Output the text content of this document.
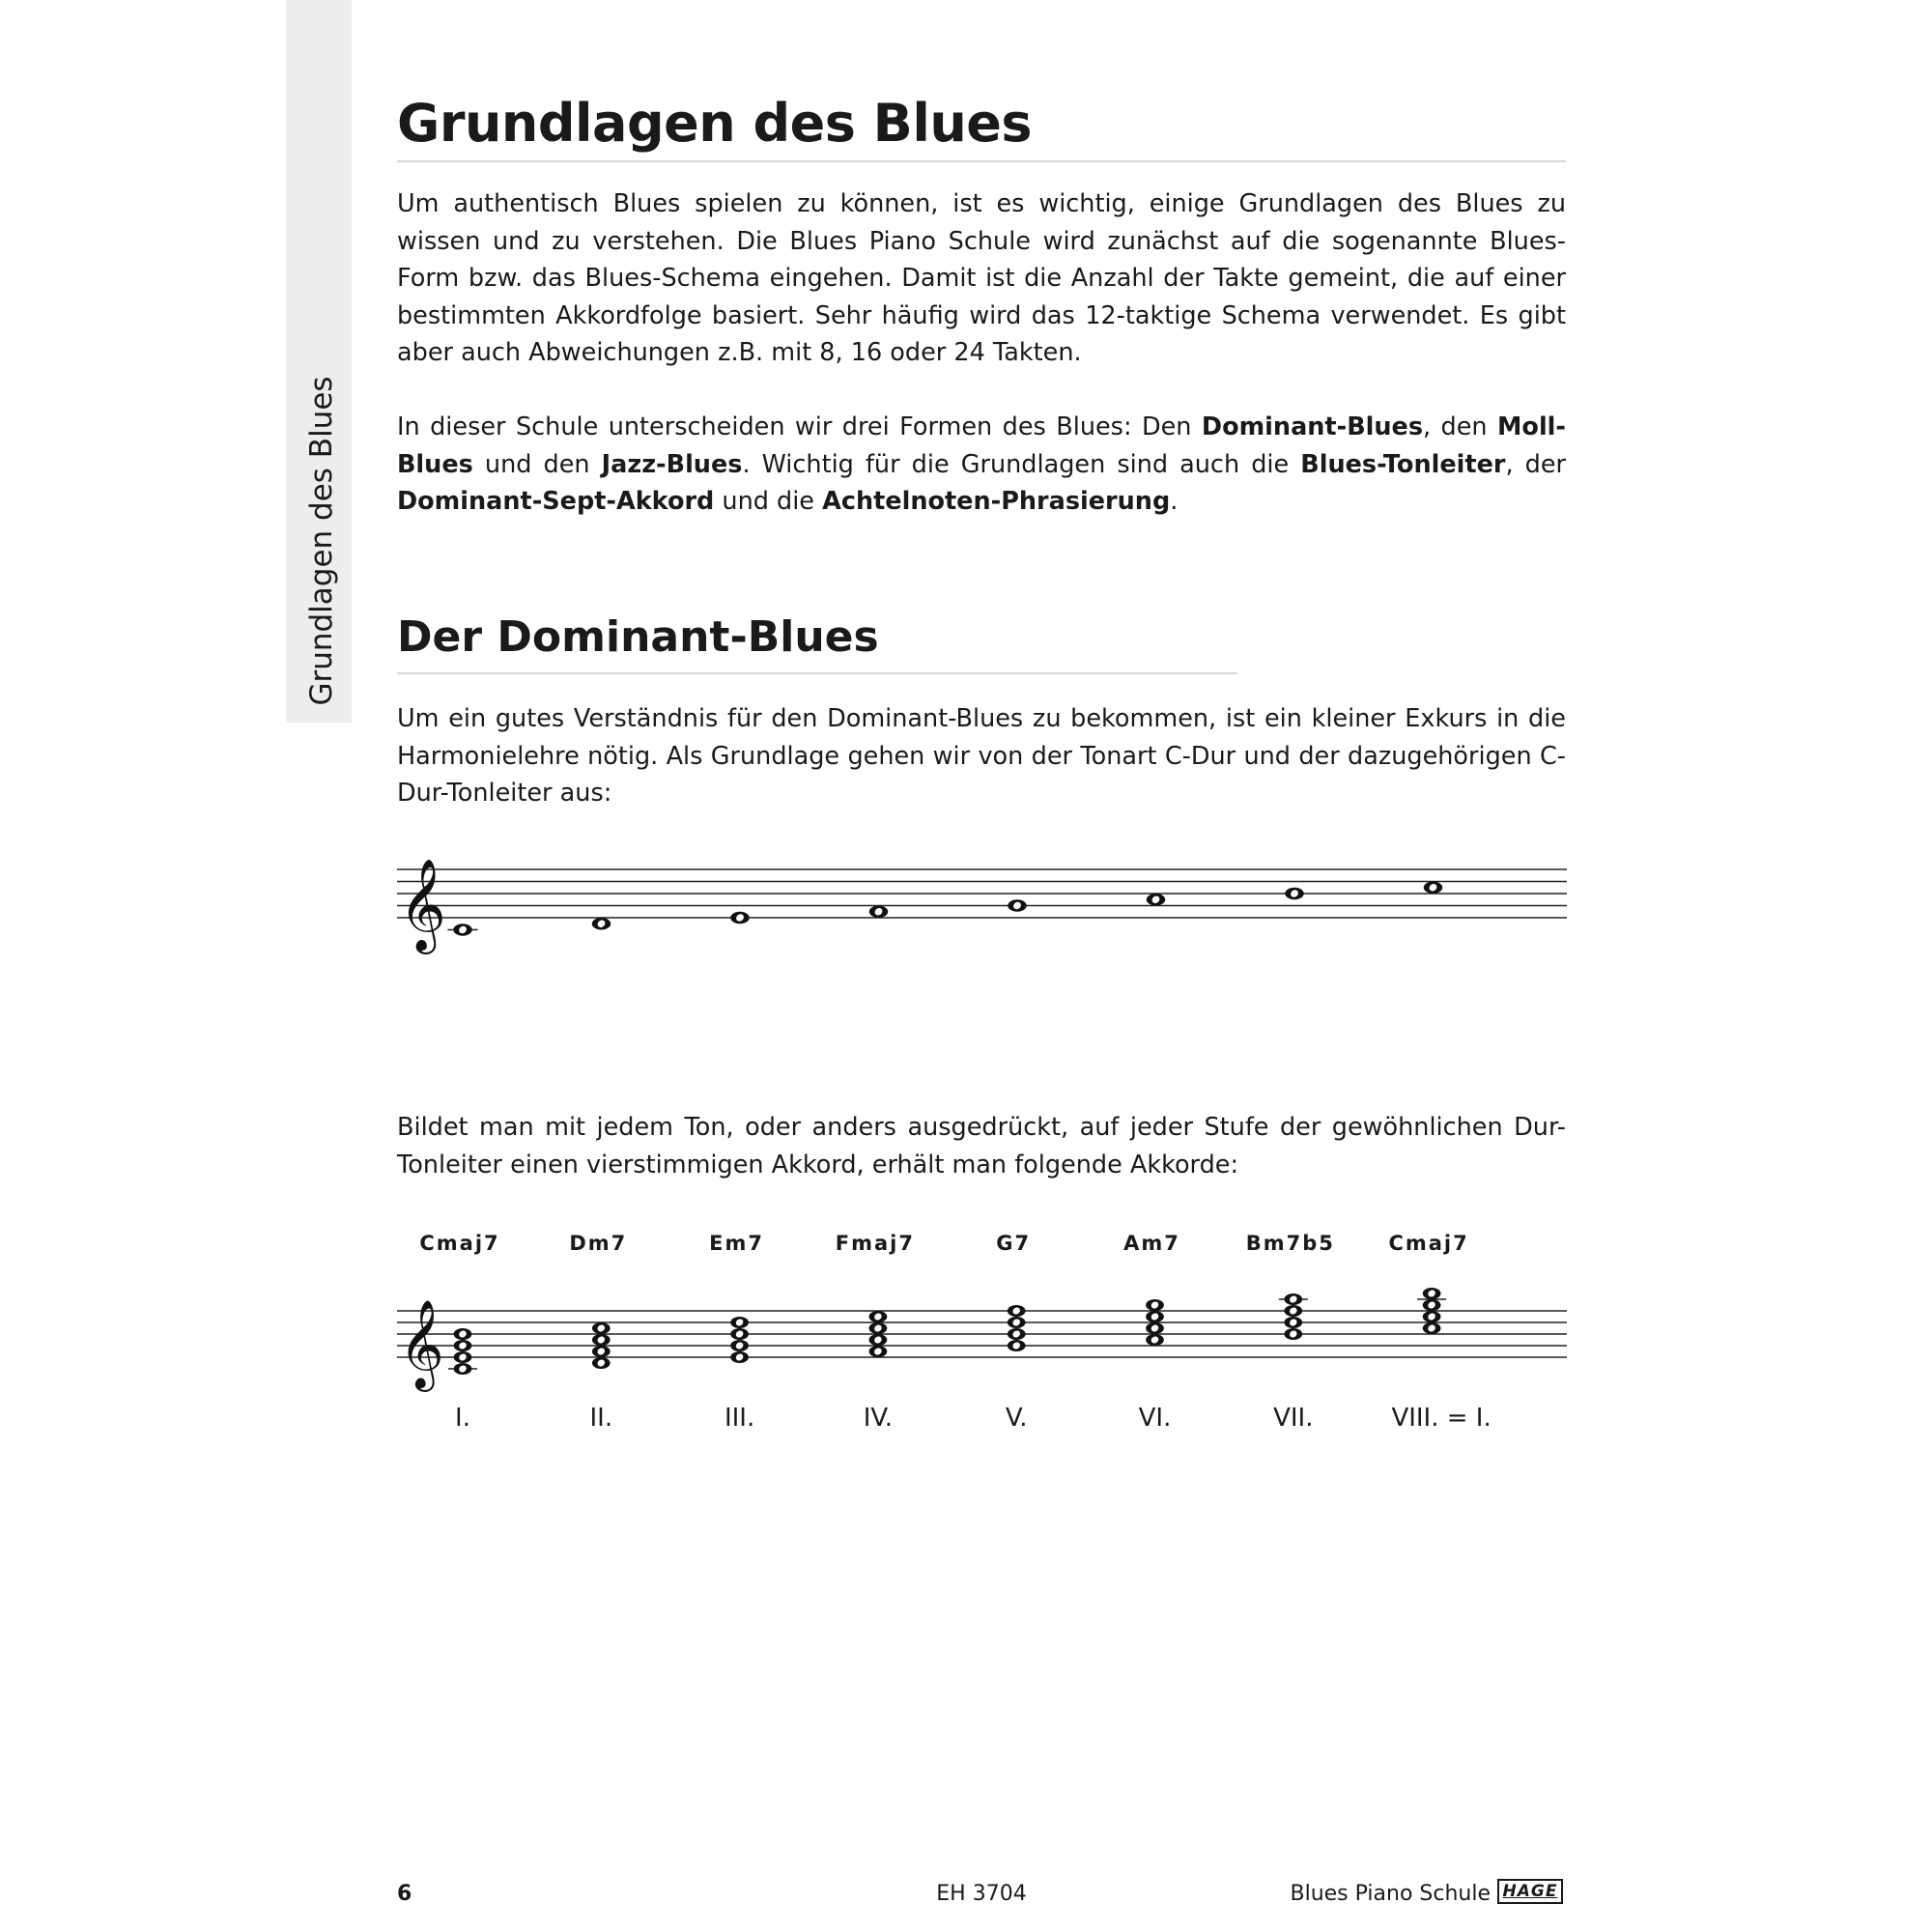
Grundlagen des Blues
Grundlagen des Blues

Um authentisch Blues spielen zu können, ist es wichtig, einige Grundlagen des Blues zu wissen und zu verstehen. Die Blues Piano Schule wird zunächst auf die sogenannte Blues-Form bzw. das Blues-Schema eingehen. Damit ist die Anzahl der Takte gemeint, die auf einer bestimmten Akkordfolge basiert. Sehr häufig wird das 12-taktige Schema verwendet. Es gibt aber auch Abweichungen z.B. mit 8, 16 oder 24 Takten.

In dieser Schule unterscheiden wir drei Formen des Blues: Den Dominant-Blues, den Moll-Blues und den Jazz-Blues. Wichtig für die Grundlagen sind auch die Blues-Tonleiter, der Dominant-Sept-Akkord und die Achtelnoten-Phrasierung.

Der Dominant-Blues

Um ein gutes Verständnis für den Dominant-Blues zu bekommen, ist ein kleiner Exkurs in die Harmonielehre nötig. Als Grundlage gehen wir von der Tonart C-Dur und der dazugehörigen C-Dur-Tonleiter aus:

𝄞
𝄞

Bildet man mit jedem Ton, oder anders ausgedrückt, auf jeder Stufe der gewöhnlichen Dur-Tonleiter einen vierstimmigen Akkord, erhält man folgende Akkorde:

Cmaj7	Dm7	Em7	Fmaj7	G7	Am7	Bm7b5	Cmaj7
I.	II.	III.	IV.	V.	VI.	VII.	VIII. = I.
6	EH 3704	Blues Piano Schule HAGE
